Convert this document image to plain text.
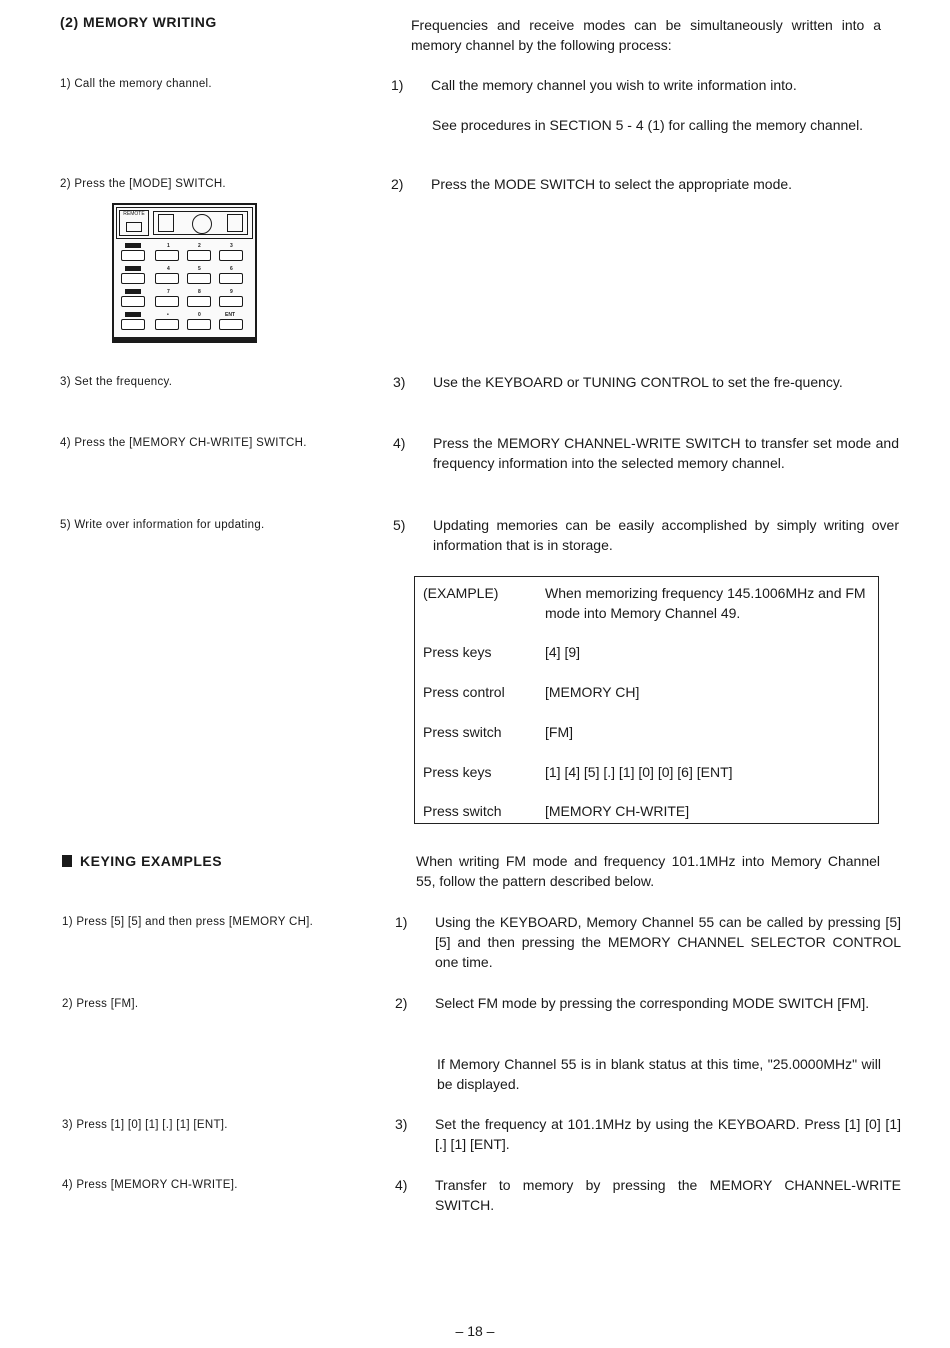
(2) MEMORY WRITING	Frequencies and receive modes can be simultaneously written into a memory channel by the following process:
1) Call the memory channel.	1) Call the memory channel you wish to write information into.
See procedures in SECTION 5 - 4 (1) for calling the memory channel.
2) Press the [MODE] SWITCH.	2) Press the MODE SWITCH to select the appropriate mode.
REMOTE
1	2	3
4	5	6
7	8	9
•	0	ENT
3) Set the frequency.	3) Use the KEYBOARD or TUNING CONTROL to set the fre-quency.
4) Press the [MEMORY CH-WRITE] SWITCH.	4) Press the MEMORY CHANNEL-WRITE SWITCH to transfer set mode and frequency information into the selected memory channel.
5) Write over information for updating.	5) Updating memories can be easily accomplished by simply writing over information that is in storage.
(EXAMPLE)	When memorizing frequency 145.1006MHz and FM mode into Memory Channel 49.
Press keys	[4] [9]
Press control	[MEMORY CH]
Press switch	[FM]
Press keys	[1] [4] [5] [.] [1] [0] [0] [6] [ENT]
Press switch	[MEMORY CH-WRITE]
KEYING EXAMPLES	When writing FM mode and frequency 101.1MHz into Memory Channel 55, follow the pattern described below.
1) Press [5] [5] and then press [MEMORY CH].	1) Using the KEYBOARD, Memory Channel 55 can be called by pressing [5] [5] and then pressing the MEMORY CHANNEL SELECTOR CONTROL one time.
2) Press [FM].	2) Select FM mode by pressing the corresponding MODE SWITCH [FM].
If Memory Channel 55 is in blank status at this time, "25.0000MHz" will be displayed.
3) Press [1] [0] [1] [.] [1] [ENT].	3) Set the frequency at 101.1MHz by using the KEYBOARD. Press [1] [0] [1] [.] [1] [ENT].
4) Press [MEMORY CH-WRITE].	4) Transfer to memory by pressing the MEMORY CHANNEL-WRITE SWITCH.
– 18 –
